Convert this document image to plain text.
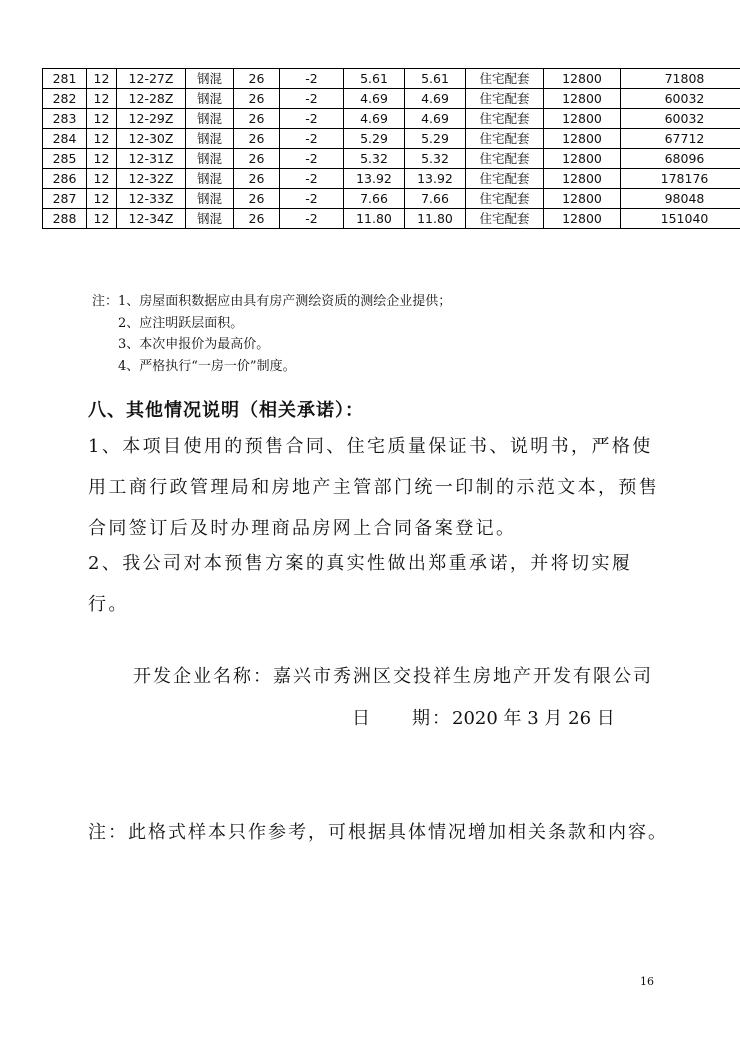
281	12	12-27Z	钢混	26	-2	5.61	5.61	住宅配套	12800	71808
282	12	12-28Z	钢混	26	-2	4.69	4.69	住宅配套	12800	60032
283	12	12-29Z	钢混	26	-2	4.69	4.69	住宅配套	12800	60032
284	12	12-30Z	钢混	26	-2	5.29	5.29	住宅配套	12800	67712
285	12	12-31Z	钢混	26	-2	5.32	5.32	住宅配套	12800	68096
286	12	12-32Z	钢混	26	-2	13.92	13.92	住宅配套	12800	178176
287	12	12-33Z	钢混	26	-2	7.66	7.66	住宅配套	12800	98048
288	12	12-34Z	钢混	26	-2	11.80	11.80	住宅配套	12800	151040
注：1、房屋面积数据应由具有房产测绘资质的测绘企业提供；
2、应注明跃层面积。
3、本次申报价为最高价。
4、严格执行“一房一价”制度。
八、其他情况说明（相关承诺）：
1、本项目使用的预售合同、住宅质量保证书、说明书，严格使用工商行政管理局和房地产主管部门统一印制的示范文本，预售合同签订后及时办理商品房网上合同备案登记。
2、我公司对本预售方案的真实性做出郑重承诺，并将切实履行。
开发企业名称：嘉兴市秀洲区交投祥生房地产开发有限公司
日　　期：2020 年 3 月 26 日
注：此格式样本只作参考，可根据具体情况增加相关条款和内容。
16
